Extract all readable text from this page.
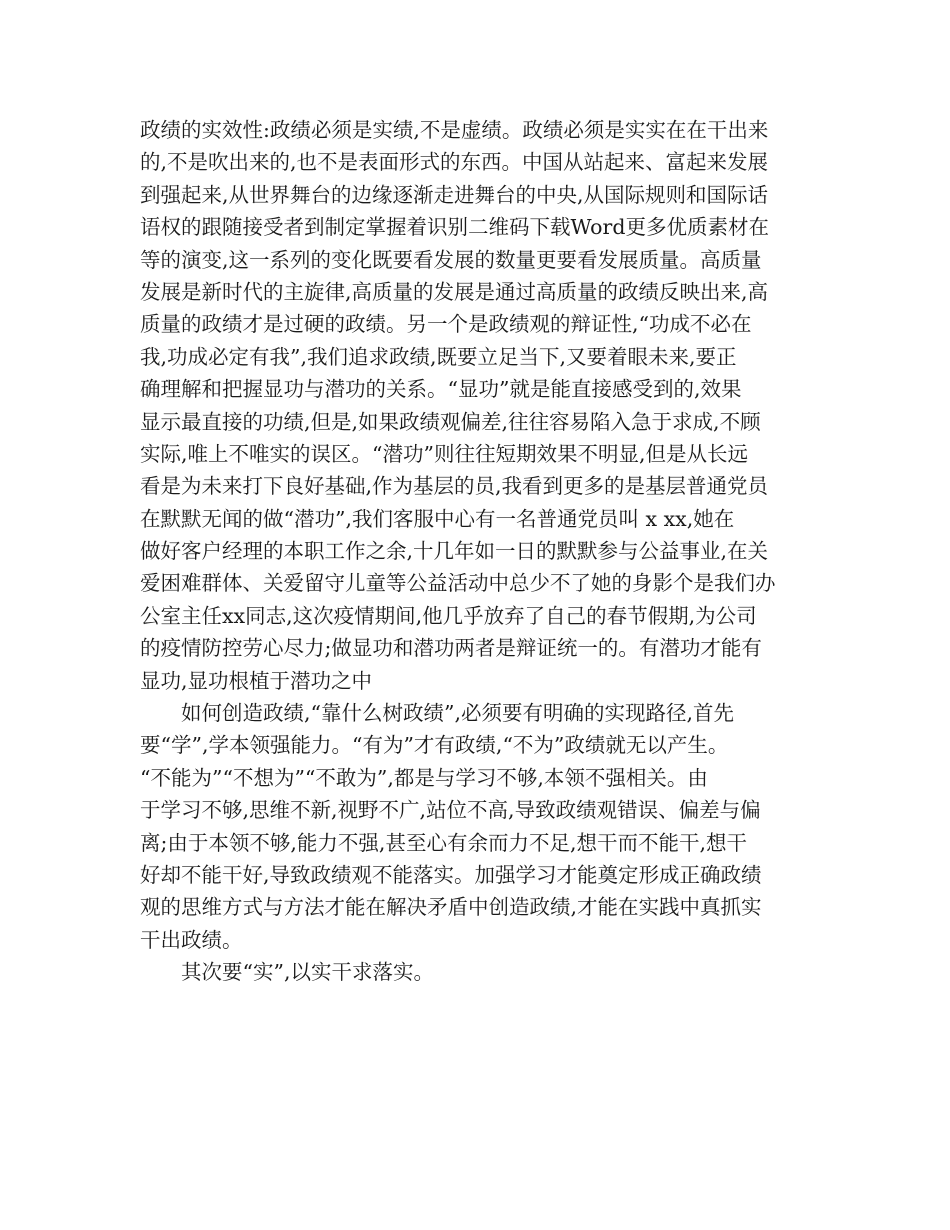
政绩的实效性:政绩必须是实绩,不是虚绩。政绩必须是实实在在干出来
的,不是吹出来的,也不是表面形式的东西。中国从站起来、富起来发展
到强起来,从世界舞台的边缘逐渐走进舞台的中央,从国际规则和国际话
语权的跟随接受者到制定掌握着识别二维码下载Word更多优质素材在
等的演变,这一系列的变化既要看发展的数量更要看发展质量。高质量
发展是新时代的主旋律,高质量的发展是通过高质量的政绩反映出来,高
质量的政绩才是过硬的政绩。另一个是政绩观的辩证性,“功成不必在
我,功成必定有我”,我们追求政绩,既要立足当下,又要着眼未来,要正
确理解和把握显功与潜功的关系。“显功”就是能直接感受到的,效果
显示最直接的功绩,但是,如果政绩观偏差,往往容易陷入急于求成,不顾
实际,唯上不唯实的误区。“潜功”则往往短期效果不明显,但是从长远
看是为未来打下良好基础,作为基层的员,我看到更多的是基层普通党员
在默默无闻的做“潜功”,我们客服中心有一名普通党员叫 x xx,她在
做好客户经理的本职工作之余,十几年如一日的默默参与公益事业,在关
爱困难群体、关爱留守儿童等公益活动中总少不了她的身影个是我们办
公室主任xx同志,这次疫情期间,他几乎放弃了自己的春节假期,为公司
的疫情防控劳心尽力;做显功和潜功两者是辩证统一的。有潜功才能有
显功,显功根植于潜功之中
如何创造政绩,“靠什么树政绩”,必须要有明确的实现路径,首先
要“学”,学本领强能力。“有为”才有政绩,“不为”政绩就无以产生。
“不能为”“不想为”“不敢为”,都是与学习不够,本领不强相关。由
于学习不够,思维不新,视野不广,站位不高,导致政绩观错误、偏差与偏
离;由于本领不够,能力不强,甚至心有余而力不足,想干而不能干,想干
好却不能干好,导致政绩观不能落实。加强学习才能奠定形成正确政绩
观的思维方式与方法才能在解决矛盾中创造政绩,才能在实践中真抓实
干出政绩。
其次要“实”,以实干求落实。
